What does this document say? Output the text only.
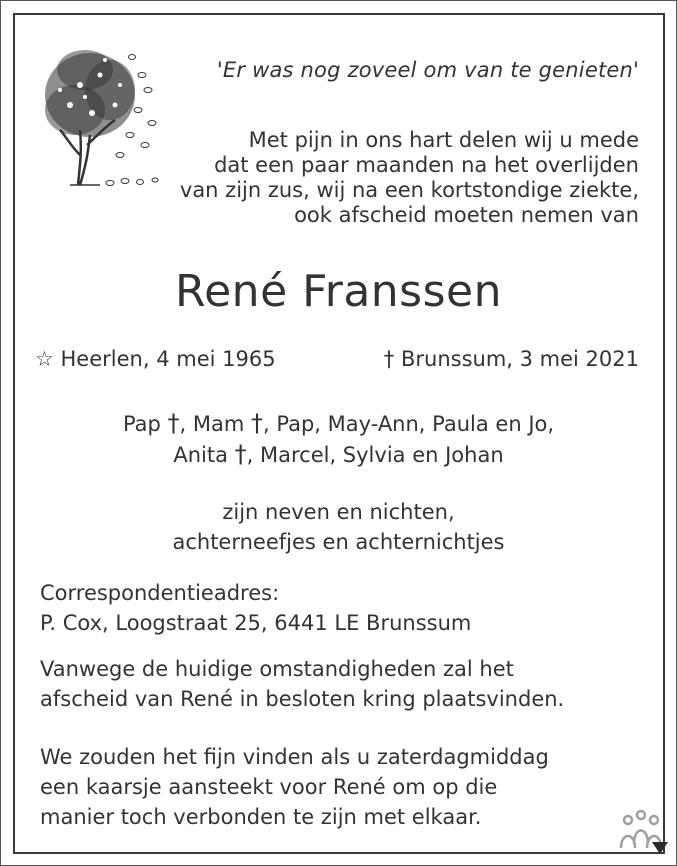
'Er was nog zoveel om van te genieten'
Met pijn in ons hart delen wij u mede
dat een paar maanden na het overlijden
van zijn zus, wij na een kortstondige ziekte,
ook afscheid moeten nemen van
René Franssen
☆ Heerlen, 4 mei 1965	† Brunssum, 3 mei 2021
Pap †, Mam †, Pap, May-Ann, Paula en Jo,
Anita †, Marcel, Sylvia en Johan
zijn neven en nichten,
achterneefjes en achternichtjes
Correspondentieadres:
P. Cox, Loogstraat 25, 6441 LE Brunssum
Vanwege de huidige omstandigheden zal het
afscheid van René in besloten kring plaatsvinden.
We zouden het fijn vinden als u zaterdagmiddag
een kaarsje aansteekt voor René om op die
manier toch verbonden te zijn met elkaar.
